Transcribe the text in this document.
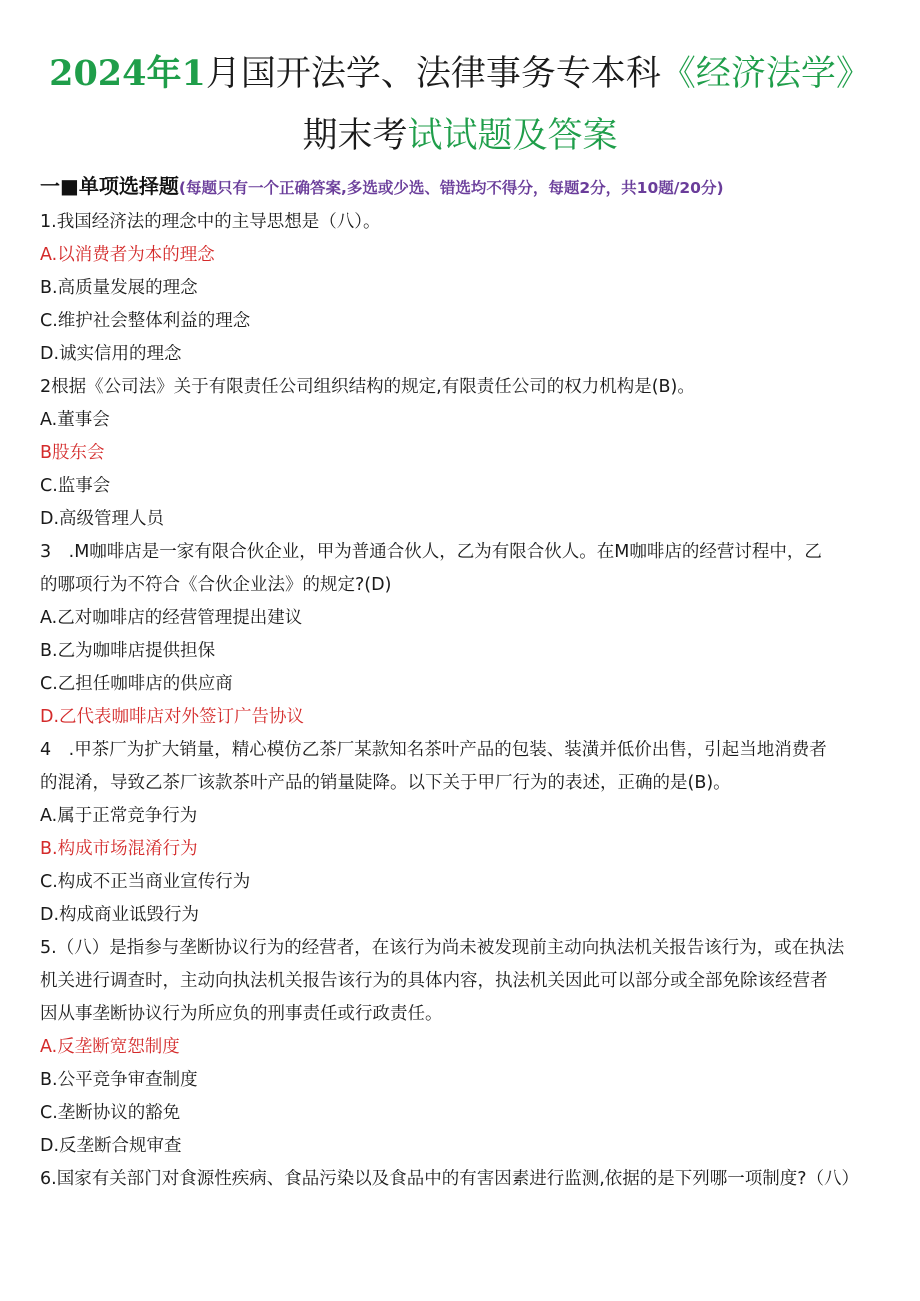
2024年1月国开法学、法律事务专本科《经济法学》
期末考试试题及答案
一■单项选择题(每题只有一个正确答案,多选或少选、错选均不得分，每题2分，共10题/20分)
1.我国经济法的理念中的主导思想是（八）。
A.以消费者为本的理念
B.高质量发展的理念
C.维护社会整体利益的理念
D.诚实信用的理念
2根据《公司法》关于有限责任公司组织结构的规定,有限责任公司的权力机构是(B)。
A.董事会
B股东会
C.监事会
D.高级管理人员
3　.M咖啡店是一家有限合伙企业，甲为普通合伙人，乙为有限合伙人。在M咖啡店的经营讨程中，乙
的哪项行为不符合《合伙企业法》的规定?(D)
A.乙对咖啡店的经营管理提出建议
B.乙为咖啡店提供担保
C.乙担任咖啡店的供应商
D.乙代表咖啡店对外签订广告协议
4　.甲茶厂为扩大销量，精心模仿乙茶厂某款知名茶叶产品的包装、装潢并低价出售，引起当地消费者
的混淆，导致乙茶厂该款茶叶产品的销量陡降。以下关于甲厂行为的表述，正确的是(B)。
A.属于正常竞争行为
B.构成市场混淆行为
C.构成不正当商业宣传行为
D.构成商业诋毁行为
5.（八）是指参与垄断协议行为的经营者，在该行为尚未被发现前主动向执法机关报告该行为，或在执法
机关进行调查时，主动向执法机关报告该行为的具体内容，执法机关因此可以部分或全部免除该经营者
因从事垄断协议行为所应负的刑事责任或行政责任。
A.反垄断宽恕制度
B.公平竞争审查制度
C.垄断协议的豁免
D.反垄断合规审查
6.国家有关部门对食源性疾病、食品污染以及食品中的有害因素进行监测,依据的是下列哪一项制度?（八）
